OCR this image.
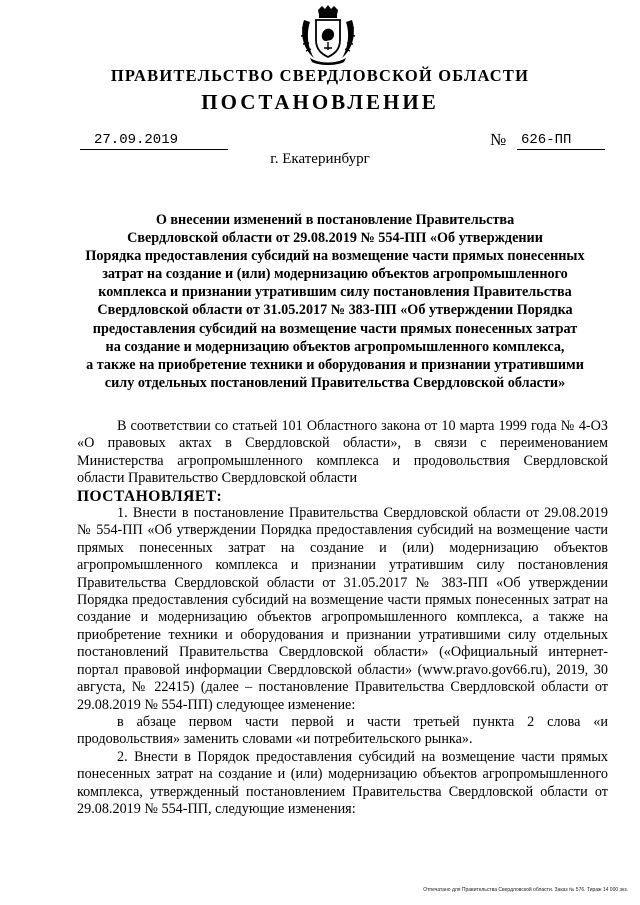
ПРАВИТЕЛЬСТВО СВЕРДЛОВСКОЙ ОБЛАСТИ
ПОСТАНОВЛЕНИЕ
27.09.2019	№ 626-ПП
г. Екатеринбург
О внесении изменений в постановление Правительства
Свердловской области от 29.08.2019 № 554-ПП «Об утверждении
Порядка предоставления субсидий на возмещение части прямых понесенных
затрат на создание и (или) модернизацию объектов агропромышленного
комплекса и признании утратившим силу постановления Правительства
Свердловской области от 31.05.2017 № 383-ПП «Об утверждении Порядка
предоставления субсидий на возмещение части прямых понесенных затрат
на создание и модернизацию объектов агропромышленного комплекса,
а также на приобретение техники и оборудования и признании утратившими
силу отдельных постановлений Правительства Свердловской области»

В соответствии со статьей 101 Областного закона от 10 марта 1999 года № 4-ОЗ «О правовых актах в Свердловской области», в связи с переименованием Министерства агропромышленного комплекса и продовольствия Свердловской области Правительство Свердловской области

ПОСТАНОВЛЯЕТ:

1. Внести в постановление Правительства Свердловской области от 29.08.2019 № 554-ПП «Об утверждении Порядка предоставления субсидий на возмещение части прямых понесенных затрат на создание и (или) модернизацию объектов агропромышленного комплекса и признании утратившим силу постановления Правительства Свердловской области от 31.05.2017 № 383-ПП «Об утверждении Порядка предоставления субсидий на возмещение части прямых понесенных затрат на создание и модернизацию объектов агропромышленного комплекса, а также на приобретение техники и оборудования и признании утратившими силу отдельных постановлений Правительства Свердловской области» («Официальный интернет-портал правовой информации Свердловской области» (www.pravo.gov66.ru), 2019, 30 августа, № 22415) (далее – постановление Правительства Свердловской области от 29.08.2019 № 554-ПП) следующее изменение:

в абзаце первом части первой и части третьей пункта 2 слова «и продовольствия» заменить словами «и потребительского рынка».

2. Внести в Порядок предоставления субсидий на возмещение части прямых понесенных затрат на создание и (или) модернизацию объектов агропромышленного комплекса, утвержденный постановлением Правительства Свердловской области от 29.08.2019 № 554-ПП, следующие изменения:

Отпечатано для Правительства Свердловской области. Заказ № 576. Тираж 14 000 экз.
